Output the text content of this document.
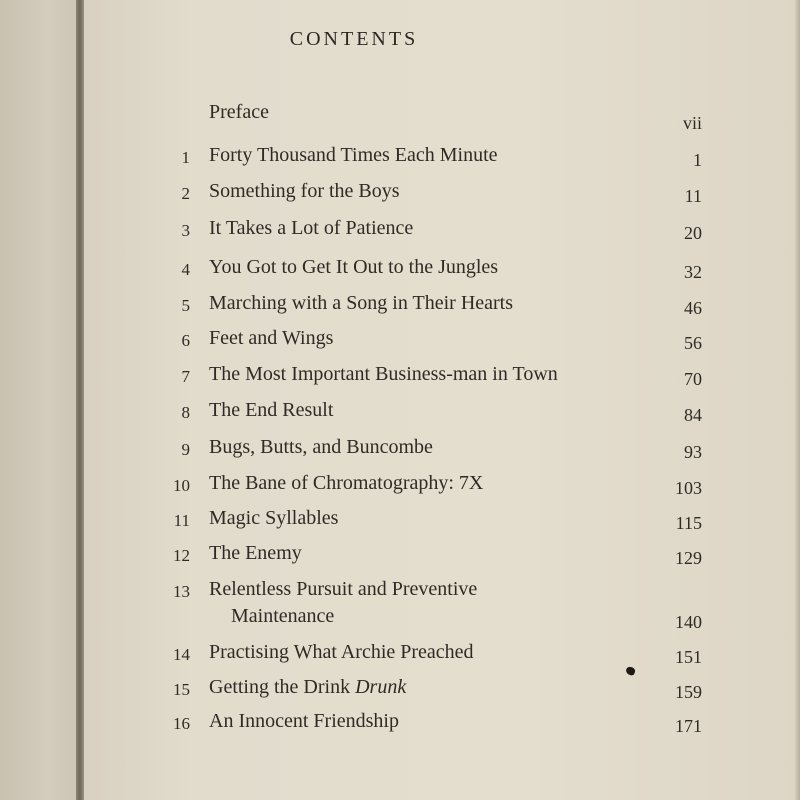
CONTENTS
Preface	vii
1 Forty Thousand Times Each Minute	1
2 Something for the Boys	11
3 It Takes a Lot of Patience	20
4 You Got to Get It Out to the Jungles	32
5 Marching with a Song in Their Hearts	46
6 Feet and Wings	56
7 The Most Important Business-man in Town	70
8 The End Result	84
9 Bugs, Butts, and Buncombe	93
10 The Bane of Chromatography: 7X	103
11 Magic Syllables	115
12 The Enemy	129
13 Relentless Pursuit and Preventive
Maintenance	140
14 Practising What Archie Preached	151
15 Getting the Drink Drunk	159
16 An Innocent Friendship	171
